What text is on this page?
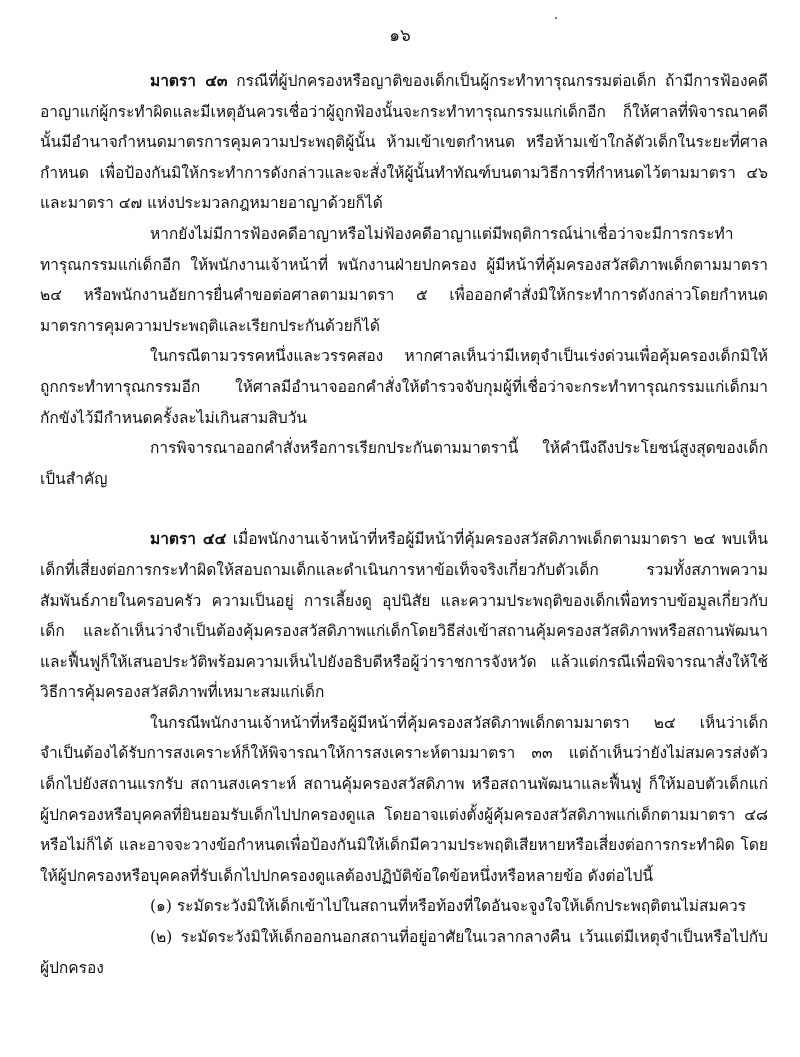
๑๖

มาตรา ๔๓ กรณีที่ผู้ปกครองหรือญาติของเด็กเป็นผู้กระทำทารุณกรรมต่อเด็ก ถ้ามีการฟ้องคดีอาญาแก่ผู้กระทำผิดและมีเหตุอันควรเชื่อว่าผู้ถูกฟ้องนั้นจะกระทำทารุณกรรมแก่เด็กอีก ก็ให้ศาลที่พิจารณาคดีนั้นมีอำนาจกำหนดมาตรการคุมความประพฤติผู้นั้น ห้ามเข้าเขตกำหนด หรือห้ามเข้าใกล้ตัวเด็กในระยะที่ศาลกำหนด เพื่อป้องกันมิให้กระทำการดังกล่าวและจะสั่งให้ผู้นั้นทำทัณฑ์บนตามวิธีการที่กำหนดไว้ตามมาตรา ๔๖ และมาตรา ๔๗ แห่งประมวลกฎหมายอาญาด้วยก็ได้

หากยังไม่มีการฟ้องคดีอาญาหรือไม่ฟ้องคดีอาญาแต่มีพฤติการณ์น่าเชื่อว่าจะมีการกระทำทารุณกรรมแก่เด็กอีก ให้พนักงานเจ้าหน้าที่ พนักงานฝ่ายปกครอง ผู้มีหน้าที่คุ้มครองสวัสดิภาพเด็กตามมาตรา ๒๔ หรือพนักงานอัยการยื่นคำขอต่อศาลตามมาตรา ๕ เพื่อออกคำสั่งมิให้กระทำการดังกล่าวโดยกำหนดมาตรการคุมความประพฤติและเรียกประกันด้วยก็ได้

ในกรณีตามวรรคหนึ่งและวรรคสอง หากศาลเห็นว่ามีเหตุจำเป็นเร่งด่วนเพื่อคุ้มครองเด็กมิให้ถูกกระทำทารุณกรรมอีก ให้ศาลมีอำนาจออกคำสั่งให้ตำรวจจับกุมผู้ที่เชื่อว่าจะกระทำทารุณกรรมแก่เด็กมากักขังไว้มีกำหนดครั้งละไม่เกินสามสิบวัน

การพิจารณาออกคำสั่งหรือการเรียกประกันตามมาตรานี้ ให้คำนึงถึงประโยชน์สูงสุดของเด็กเป็นสำคัญ

มาตรา ๔๔ เมื่อพนักงานเจ้าหน้าที่หรือผู้มีหน้าที่คุ้มครองสวัสดิภาพเด็กตามมาตรา ๒๔ พบเห็นเด็กที่เสี่ยงต่อการกระทำผิดให้สอบถามเด็กและดำเนินการหาข้อเท็จจริงเกี่ยวกับตัวเด็ก รวมทั้งสภาพความสัมพันธ์ภายในครอบครัว ความเป็นอยู่ การเลี้ยงดู อุปนิสัย และความประพฤติของเด็กเพื่อทราบข้อมูลเกี่ยวกับเด็ก และถ้าเห็นว่าจำเป็นต้องคุ้มครองสวัสดิภาพแก่เด็กโดยวิธีส่งเข้าสถานคุ้มครองสวัสดิภาพหรือสถานพัฒนาและฟื้นฟูก็ให้เสนอประวัติพร้อมความเห็นไปยังอธิบดีหรือผู้ว่าราชการจังหวัด แล้วแต่กรณีเพื่อพิจารณาสั่งให้ใช้วิธีการคุ้มครองสวัสดิภาพที่เหมาะสมแก่เด็ก

ในกรณีพนักงานเจ้าหน้าที่หรือผู้มีหน้าที่คุ้มครองสวัสดิภาพเด็กตามมาตรา ๒๔ เห็นว่าเด็กจำเป็นต้องได้รับการสงเคราะห์ก็ให้พิจารณาให้การสงเคราะห์ตามมาตรา ๓๓ แต่ถ้าเห็นว่ายังไม่สมควรส่งตัวเด็กไปยังสถานแรกรับ สถานสงเคราะห์ สถานคุ้มครองสวัสดิภาพ หรือสถานพัฒนาและฟื้นฟู ก็ให้มอบตัวเด็กแก่ผู้ปกครองหรือบุคคลที่ยินยอมรับเด็กไปปกครองดูแล โดยอาจแต่งตั้งผู้คุ้มครองสวัสดิภาพแก่เด็กตามมาตรา ๔๘ หรือไม่ก็ได้ และอาจจะวางข้อกำหนดเพื่อป้องกันมิให้เด็กมีความประพฤติเสียหายหรือเสี่ยงต่อการกระทำผิด โดยให้ผู้ปกครองหรือบุคคลที่รับเด็กไปปกครองดูแลต้องปฏิบัติข้อใดข้อหนึ่งหรือหลายข้อ ดังต่อไปนี้

(๑) ระมัดระวังมิให้เด็กเข้าไปในสถานที่หรือท้องที่ใดอันจะจูงใจให้เด็กประพฤติตนไม่สมควร

(๒) ระมัดระวังมิให้เด็กออกนอกสถานที่อยู่อาศัยในเวลากลางคืน เว้นแต่มีเหตุจำเป็นหรือไปกับผู้ปกครอง
